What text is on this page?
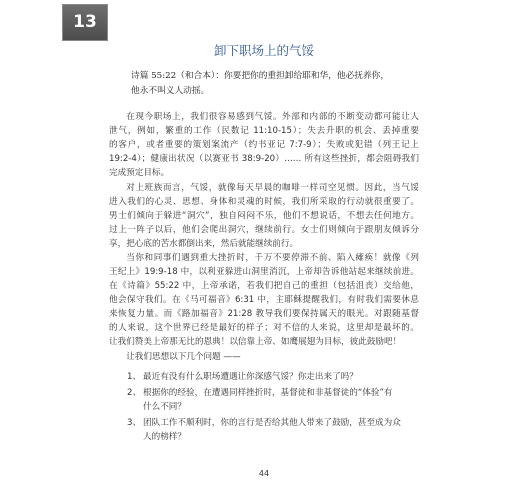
13
卸下职场上的气馁
诗篇 55:22（和合本）：你要把你的重担卸给耶和华，他必抚养你，
他永不叫义人动摇。
在现今职场上，我们很容易感到气馁。外部和内部的不断变动都可能让人
泄气，例如，繁重的工作（民数记 11:10-15）；失去升职的机会、丢掉重要
的客户，或者重要的策划案流产（约书亚记 7:7-9）；失败或犯错（列王记上
19:2-4）；健康出状况（以赛亚书 38:9-20）…… 所有这些挫折，都会阻碍我们
完成预定目标。
对上班族而言，气馁，就像每天早晨的咖啡一样司空见惯。因此，当气馁
进入我们的心灵、思想、身体和灵魂的时候，我们所采取的行动就很重要了。
男士们倾向于躲进“洞穴”，独自闷闷不乐，他们不想说话，不想去任何地方。
过上一阵子以后，他们会爬出洞穴，继续前行。女士们则倾向于跟朋友倾诉分
享，把心底的苦水都倒出来，然后就能继续前行。
当你和同事们遇到重大挫折时，千万不要停滞不前、陷入瘫痪！就像《列
王纪上》19:9-18 中，以利亚躲进山洞里消沉，上帝却告诉他站起来继续前进。
在《诗篇》55:22 中，上帝承诺，若我们把自己的重担（包括沮丧）交给他，
他会保守我们。在《马可福音》6:31 中，主耶稣提醒我们，有时我们需要休息
来恢复力量。而《路加福音》21:28 教导我们要保持属天的眼光。对跟随基督
的人来说，这个世界已经是最好的样子；对不信的人来说，这里却是最坏的。
让我们赞美上帝那无比的恩典！以信靠上帝、如鹰展翅为目标，彼此鼓励吧！
让我们思想以下几个问题 ——
1、 最近有没有什么职场遭遇让你深感气馁？你走出来了吗？
2、 根据你的经验，在遭遇同样挫折时，基督徒和非基督徒的“体验”有
什么不同？
3、 团队工作不顺利时，你的言行是否给其他人带来了鼓励，甚至成为众
人的榜样？
44
